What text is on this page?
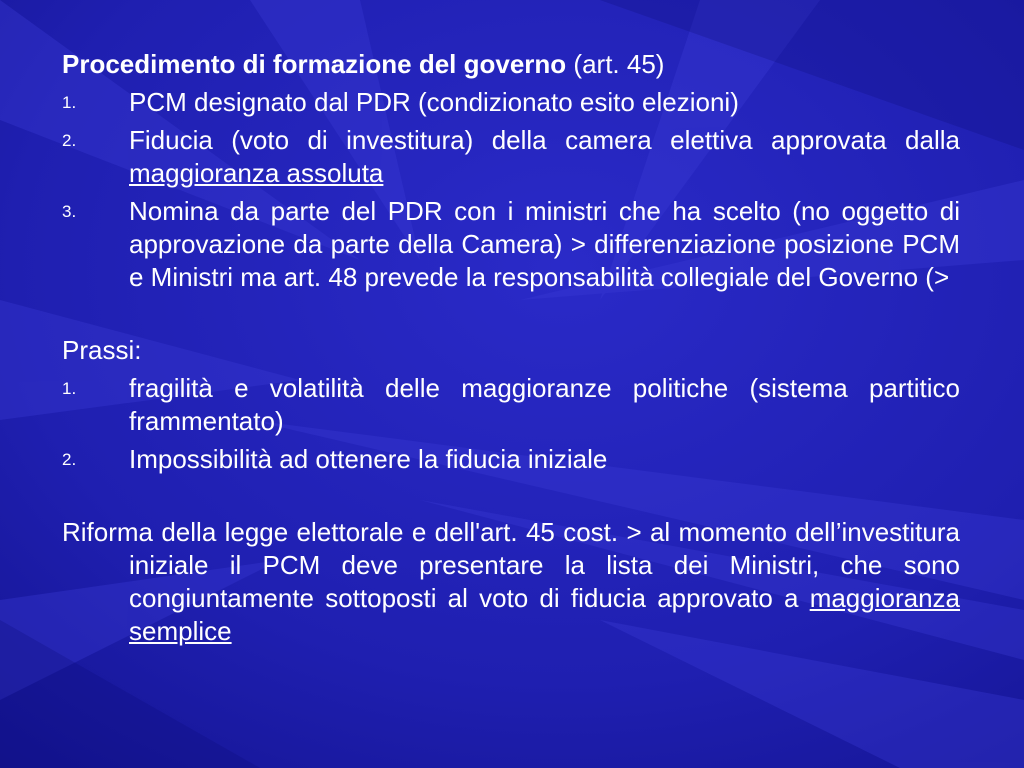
Procedimento di formazione del governo (art. 45)

1. PCM designato dal PDR (condizionato esito elezioni)
2. Fiducia (voto di investitura) della camera elettiva approvata dalla maggioranza assoluta
3. Nomina da parte del PDR con i ministri che ha scelto (no oggetto di approvazione da parte della Camera) > differenziazione posizione PCM e Ministri ma art. 48 prevede la responsabilità collegiale del Governo (>

Prassi:

1. fragilità e volatilità delle maggioranze politiche (sistema partitico frammentato)
2. Impossibilità ad ottenere la fiducia iniziale

Riforma della legge elettorale e dell'art. 45 cost. > al momento dell’investitura iniziale il PCM deve presentare la lista dei Ministri, che sono congiuntamente sottoposti al voto di fiducia approvato a maggioranza semplice
